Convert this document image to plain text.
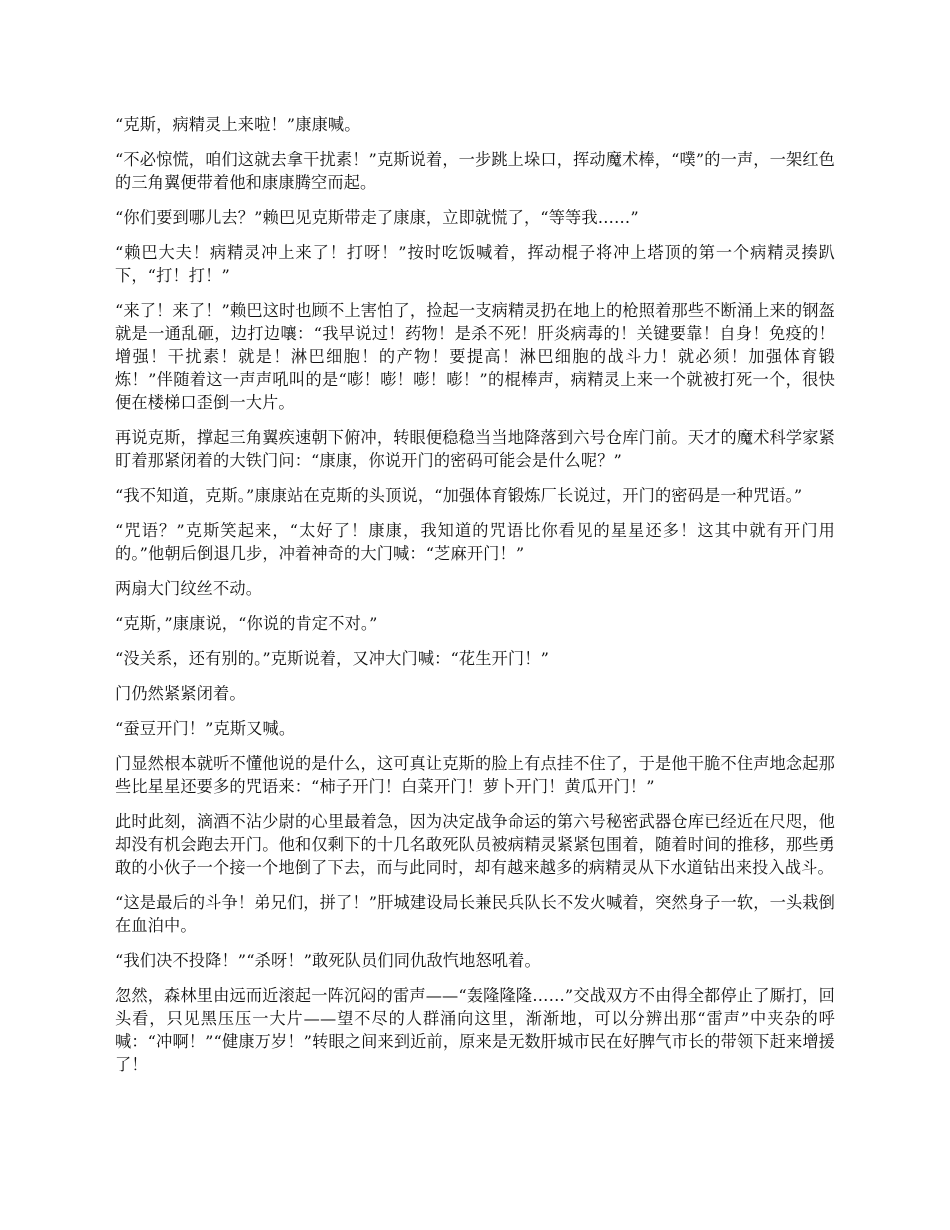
“克斯，病精灵上来啦！”康康喊。

“不必惊慌，咱们这就去拿干扰素！”克斯说着，一步跳上垛口，挥动魔术棒，“噗”的一声，一架红色的三角翼便带着他和康康腾空而起。

“你们要到哪儿去？”赖巴见克斯带走了康康，立即就慌了，“等等我……”

“赖巴大夫！病精灵冲上来了！打呀！”按时吃饭喊着，挥动棍子将冲上塔顶的第一个病精灵揍趴下，“打！打！”

“来了！来了！”赖巴这时也顾不上害怕了，捡起一支病精灵扔在地上的枪照着那些不断涌上来的钢盔就是一通乱砸，边打边嚷：“我早说过！药物！是杀不死！肝炎病毒的！关键要靠！自身！免疫的！增强！干扰素！就是！淋巴细胞！的产物！要提高！淋巴细胞的战斗力！就必须！加强体育锻炼！”伴随着这一声声吼叫的是“嘭！嘭！嘭！嘭！”的棍棒声，病精灵上来一个就被打死一个，很快便在楼梯口歪倒一大片。

再说克斯，撑起三角翼疾速朝下俯冲，转眼便稳稳当当地降落到六号仓库门前。天才的魔术科学家紧盯着那紧闭着的大铁门问：“康康，你说开门的密码可能会是什么呢？”

“我不知道，克斯。”康康站在克斯的头顶说，“加强体育锻炼厂长说过，开门的密码是一种咒语。”

“咒语？”克斯笑起来，“太好了！康康，我知道的咒语比你看见的星星还多！这其中就有开门用的。”他朝后倒退几步，冲着神奇的大门喊：“芝麻开门！”

两扇大门纹丝不动。

“克斯，”康康说，“你说的肯定不对。”

“没关系，还有别的。”克斯说着，又冲大门喊：“花生开门！”

门仍然紧紧闭着。

“蚕豆开门！”克斯又喊。

门显然根本就听不懂他说的是什么，这可真让克斯的脸上有点挂不住了，于是他干脆不住声地念起那些比星星还要多的咒语来：“柿子开门！白菜开门！萝卜开门！黄瓜开门！”

此时此刻，滴酒不沾少尉的心里最着急，因为决定战争命运的第六号秘密武器仓库已经近在尺咫，他却没有机会跑去开门。他和仅剩下的十几名敢死队员被病精灵紧紧包围着，随着时间的推移，那些勇敢的小伙子一个接一个地倒了下去，而与此同时，却有越来越多的病精灵从下水道钻出来投入战斗。

“这是最后的斗争！弟兄们，拼了！”肝城建设局长兼民兵队长不发火喊着，突然身子一软，一头栽倒在血泊中。

“我们决不投降！”“杀呀！”敢死队员们同仇敌忾地怒吼着。

忽然，森林里由远而近滚起一阵沉闷的雷声——“轰隆隆隆……”交战双方不由得全都停止了厮打，回头看，只见黑压压一大片——望不尽的人群涌向这里，渐渐地，可以分辨出那“雷声”中夹杂的呼喊：“冲啊！”“健康万岁！”转眼之间来到近前，原来是无数肝城市民在好脾气市长的带领下赶来增援了！
